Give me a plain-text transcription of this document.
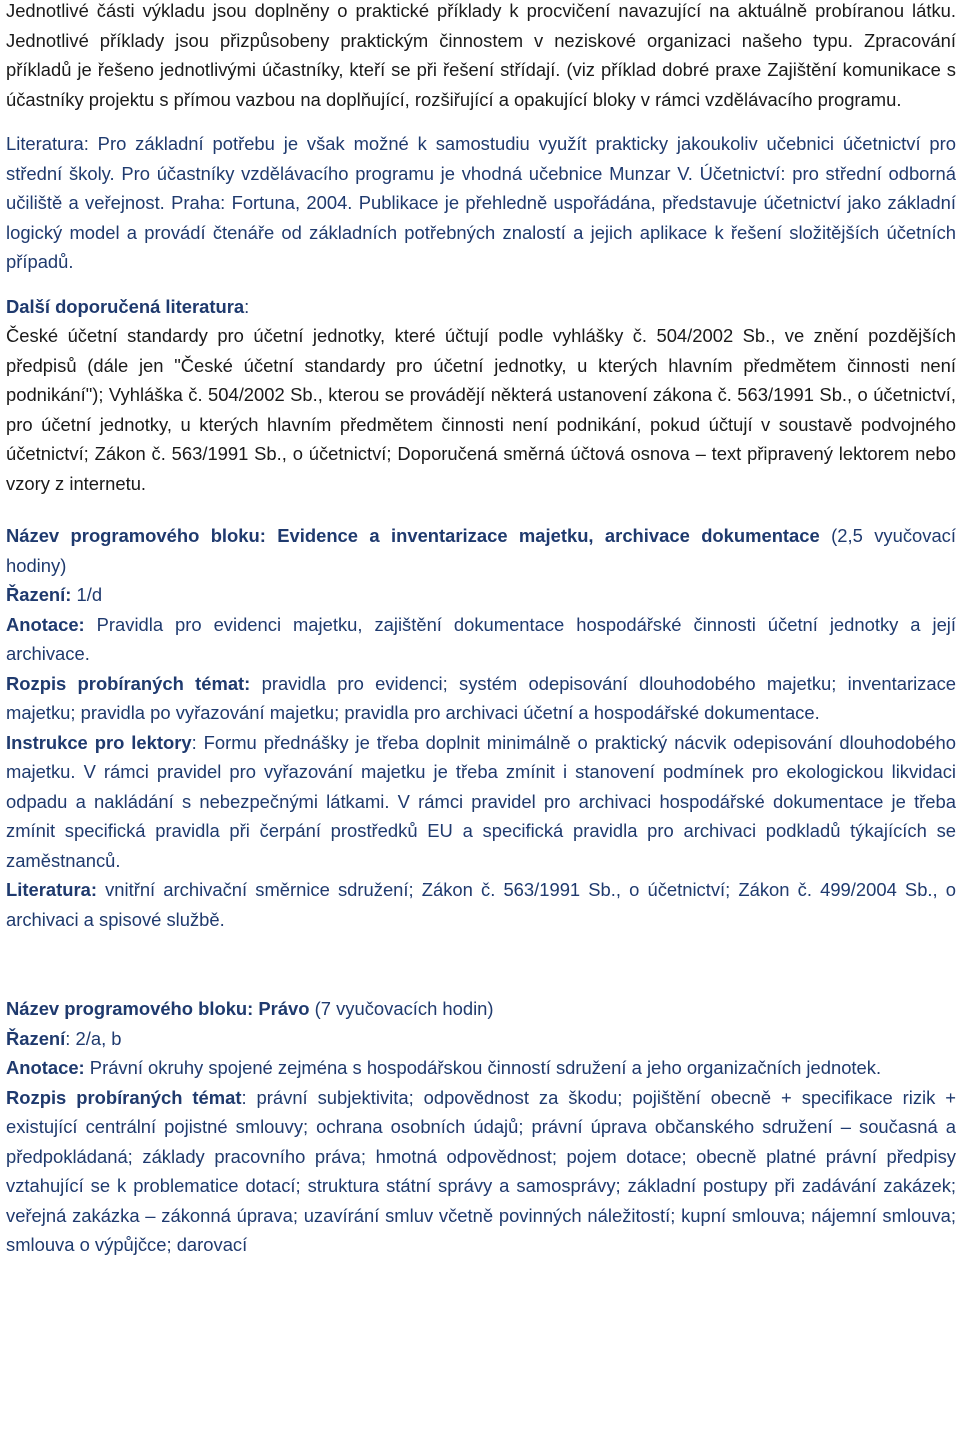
Jednotlivé části výkladu jsou doplněny o praktické příklady k procvičení navazující na aktuálně probíranou látku. Jednotlivé příklady jsou přizpůsobeny praktickým činnostem v neziskové organizaci našeho typu. Zpracování příkladů je řešeno jednotlivými účastníky, kteří se při řešení střídají. (viz příklad dobré praxe Zajištění komunikace s účastníky projektu s přímou vazbou na doplňující, rozšiřující a opakující bloky v rámci vzdělávacího programu.

Literatura: Pro základní potřebu je však možné k samostudiu využít prakticky jakoukoliv učebnici účetnictví pro střední školy. Pro účastníky vzdělávacího programu je vhodná učebnice Munzar V. Účetnictví: pro střední odborná učiliště a veřejnost. Praha: Fortuna, 2004. Publikace je přehledně uspořádána, představuje účetnictví jako základní logický model a provádí čtenáře od základních potřebných znalostí a jejich aplikace k řešení složitějších účetních případů.

Další doporučená literatura:

České účetní standardy pro účetní jednotky, které účtují podle vyhlášky č. 504/2002 Sb., ve znění pozdějších předpisů (dále jen "České účetní standardy pro účetní jednotky, u kterých hlavním předmětem činnosti není podnikání"); Vyhláška č. 504/2002 Sb., kterou se provádějí některá ustanovení zákona č. 563/1991 Sb., o účetnictví, pro účetní jednotky, u kterých hlavním předmětem činnosti není podnikání, pokud účtují v soustavě podvojného účetnictví; Zákon č. 563/1991 Sb., o účetnictví; Doporučená směrná účtová osnova – text připravený lektorem nebo vzory z internetu.

Název programového bloku: Evidence a inventarizace majetku, archivace dokumentace (2,5 vyučovací hodiny)

Řazení: 1/d

Anotace: Pravidla pro evidenci majetku, zajištění dokumentace hospodářské činnosti účetní jednotky a její archivace.

Rozpis probíraných témat: pravidla pro evidenci; systém odepisování dlouhodobého majetku; inventarizace majetku; pravidla po vyřazování majetku; pravidla pro archivaci účetní a hospodářské dokumentace.

Instrukce pro lektory: Formu přednášky je třeba doplnit minimálně o praktický nácvik odepisování dlouhodobého majetku. V rámci pravidel pro vyřazování majetku je třeba zmínit i stanovení podmínek pro ekologickou likvidaci odpadu a nakládání s nebezpečnými látkami. V rámci pravidel pro archivaci hospodářské dokumentace je třeba zmínit specifická pravidla při čerpání prostředků EU a specifická pravidla pro archivaci podkladů týkajících se zaměstnanců.

Literatura: vnitřní archivační směrnice sdružení; Zákon č. 563/1991 Sb., o účetnictví; Zákon č. 499/2004 Sb., o archivaci a spisové službě.

Název programového bloku: Právo (7 vyučovacích hodin)

Řazení: 2/a, b

Anotace: Právní okruhy spojené zejména s hospodářskou činností sdružení a jeho organizačních jednotek.

Rozpis probíraných témat: právní subjektivita; odpovědnost za škodu; pojištění obecně + specifikace rizik + existující centrální pojistné smlouvy; ochrana osobních údajů; právní úprava občanského sdružení – současná a předpokládaná; základy pracovního práva; hmotná odpovědnost; pojem dotace; obecně platné právní předpisy vztahující se k problematice dotací; struktura státní správy a samosprávy; základní postupy při zadávání zakázek; veřejná zakázka – zákonná úprava; uzavírání smluv včetně povinných náležitostí; kupní smlouva; nájemní smlouva; smlouva o výpůjčce; darovací
